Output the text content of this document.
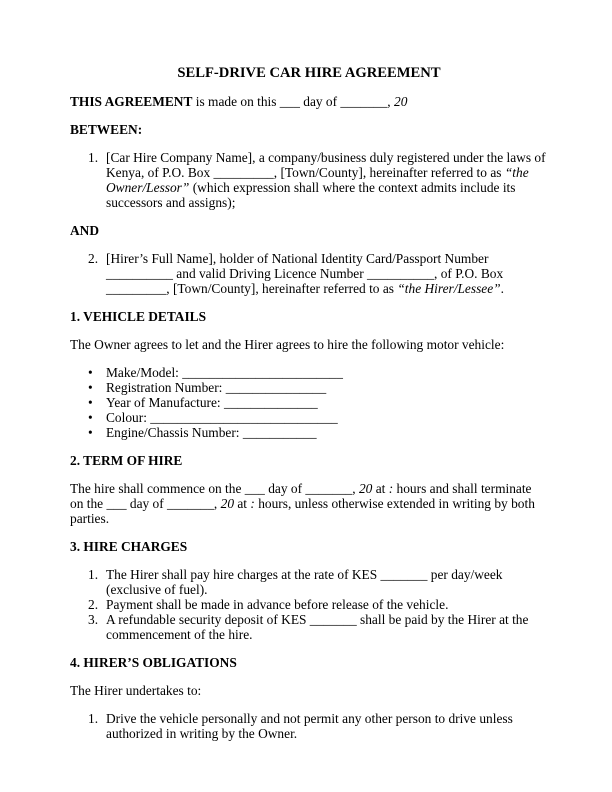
SELF-DRIVE CAR HIRE AGREEMENT

THIS AGREEMENT is made on this ___ day of _______, 20

BETWEEN:

1. [Car Hire Company Name], a company/business duly registered under the laws of Kenya, of P.O. Box _________, [Town/County], hereinafter referred to as “the Owner/Lessor” (which expression shall where the context admits include its successors and assigns);

AND

2. [Hirer’s Full Name], holder of National Identity Card/Passport Number __________ and valid Driving Licence Number __________, of P.O. Box _________, [Town/County], hereinafter referred to as “the Hirer/Lessee”.

1. VEHICLE DETAILS

The Owner agrees to let and the Hirer agrees to hire the following motor vehicle:

• Make/Model: ________________________
• Registration Number: _______________
• Year of Manufacture: ______________
• Colour: ____________________________
• Engine/Chassis Number: ___________

2. TERM OF HIRE

The hire shall commence on the ___ day of _______, 20 at : hours and shall terminate on the ___ day of _______, 20 at : hours, unless otherwise extended in writing by both parties.

3. HIRE CHARGES

1. The Hirer shall pay hire charges at the rate of KES _______ per day/week (exclusive of fuel).
2. Payment shall be made in advance before release of the vehicle.
3. A refundable security deposit of KES _______ shall be paid by the Hirer at the commencement of the hire.

4. HIRER’S OBLIGATIONS

The Hirer undertakes to:

1. Drive the vehicle personally and not permit any other person to drive unless authorized in writing by the Owner.
